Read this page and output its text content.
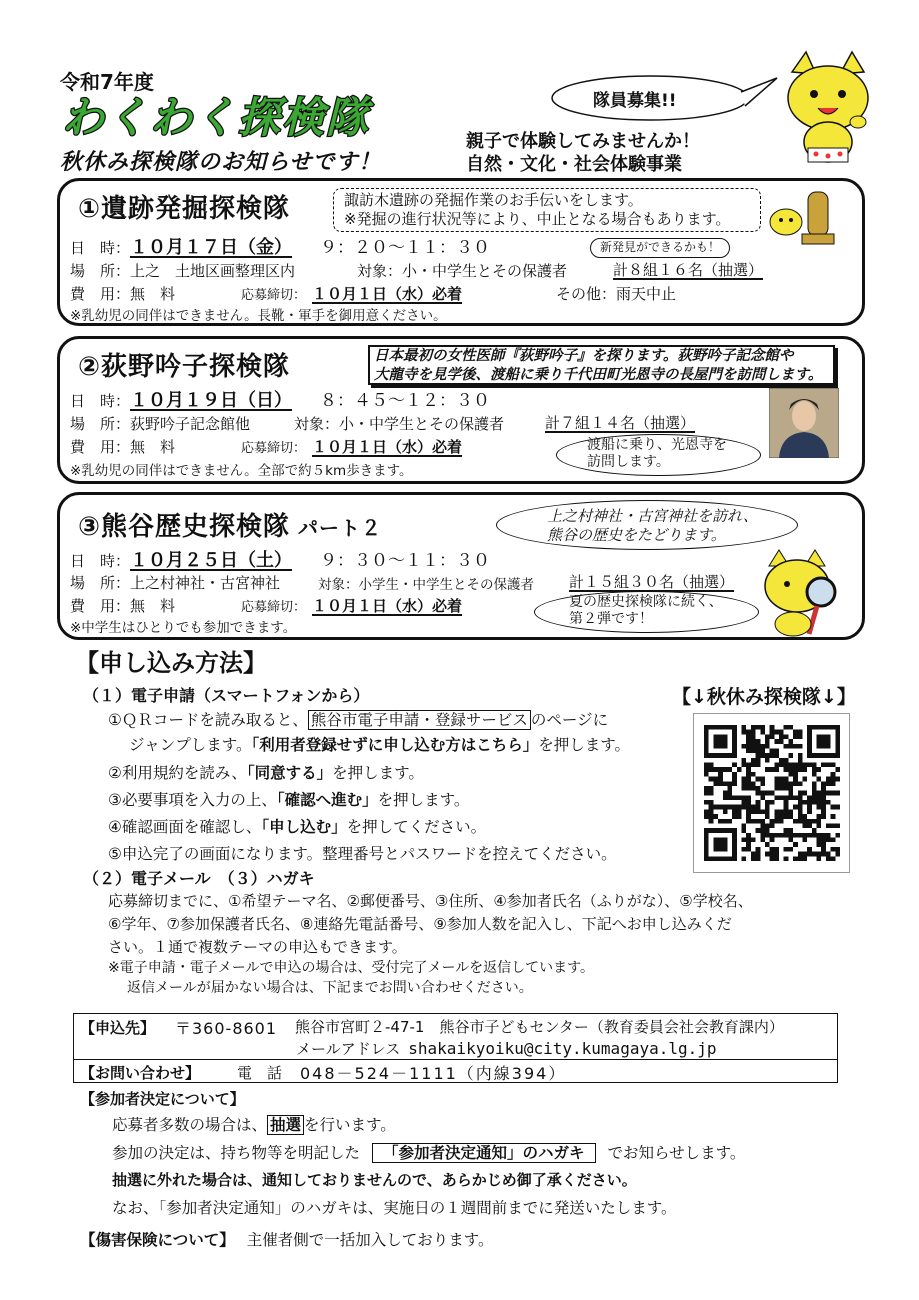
令和7年度
わくわく探検隊
秋休み探検隊のお知らせです！
親子で体験してみませんか！
自然・文化・社会体験事業
隊員募集!!
①遺跡発掘探検隊	諏訪木遺跡の発掘作業のお手伝いをします。
※発掘の進行状況等により、中止となる場合もあります。
新発見ができるかも！
日　時：１０月１７日（金） ９：２０～１１：３０
場　所：上之　土地区画整理区内	対象：小・中学生とその保護者	計８組１６名（抽選）
費　用：無　料	応募締切： １０月１日（水）必着	その他：雨天中止
※乳幼児の同伴はできません。長靴・軍手を御用意ください。
②荻野吟子探検隊	日本最初の女性医師『荻野吟子』を探ります。荻野吟子記念館や
大龍寺を見学後、渡船に乗り千代田町光恩寺の長屋門を訪問します。
日　時：１０月１９日（日） ８：４５～１２：３０
場　所：荻野吟子記念館他	対象：小・中学生とその保護者	計７組１４名（抽選）
費　用：無　料	応募締切： １０月１日（水）必着
※乳幼児の同伴はできません。全部で約５km歩きます。
渡船に乗り、光恩寺を
訪問します。
③熊谷歴史探検隊 パート２	上之村神社・古宮神社を訪れ、
熊谷の歴史をたどります。
日　時：１０月２５日（土） ９：３０～１１：３０
場　所：上之村神社・古宮神社	対象：小学生・中学生とその保護者 計１５組３０名（抽選）
費　用：無　料	応募締切： １０月１日（水）必着
※中学生はひとりでも参加できます。
夏の歴史探検隊に続く、
第２弾です！
【申し込み方法】
【↓秋休み探検隊↓】
（１）電子申請（スマートフォンから）
①ＱＲコードを読み取ると、 熊谷市電子申請・登録サービス のページに
ジャンプします。「利用者登録せずに申し込む方はこちら」を押します。
②利用規約を読み、「同意する」を押します。
③必要事項を入力の上、「確認へ進む」を押します。
④確認画面を確認し、「申し込む」を押してください。
⑤申込完了の画面になります。整理番号とパスワードを控えてください。
（２）電子メール　（３）ハガキ
応募締切までに、①希望テーマ名、②郵便番号、③住所、④参加者氏名（ふりがな）、⑤学校名、
⑥学年、⑦参加保護者氏名、⑧連絡先電話番号、⑨参加人数を記入し、下記へお申し込みくだ
さい。１通で複数テーマの申込もできます。
※電子申請・電子メールで申込の場合は、受付完了メールを返信しています。
返信メールが届かない場合は、下記までお問い合わせください。
【申込先】 〒360-8601 熊谷市宮町２-47-1　熊谷市子どもセンター（教育委員会社会教育課内）
メールアドレス shakaikyoiku@city.kumagaya.lg.jp
【お問い合わせ】 電　話 048－524－1111（内線394）
【参加者決定について】
応募者多数の場合は、 抽選 を行います。
参加の決定は、持ち物等を明記した 「参加者決定通知」のハガキ でお知らせします。
抽選に外れた場合は、通知しておりませんので、あらかじめ御了承ください。
なお、「参加者決定通知」のハガキは、実施日の１週間前までに発送いたします。
【傷害保険について】 主催者側で一括加入しております。
